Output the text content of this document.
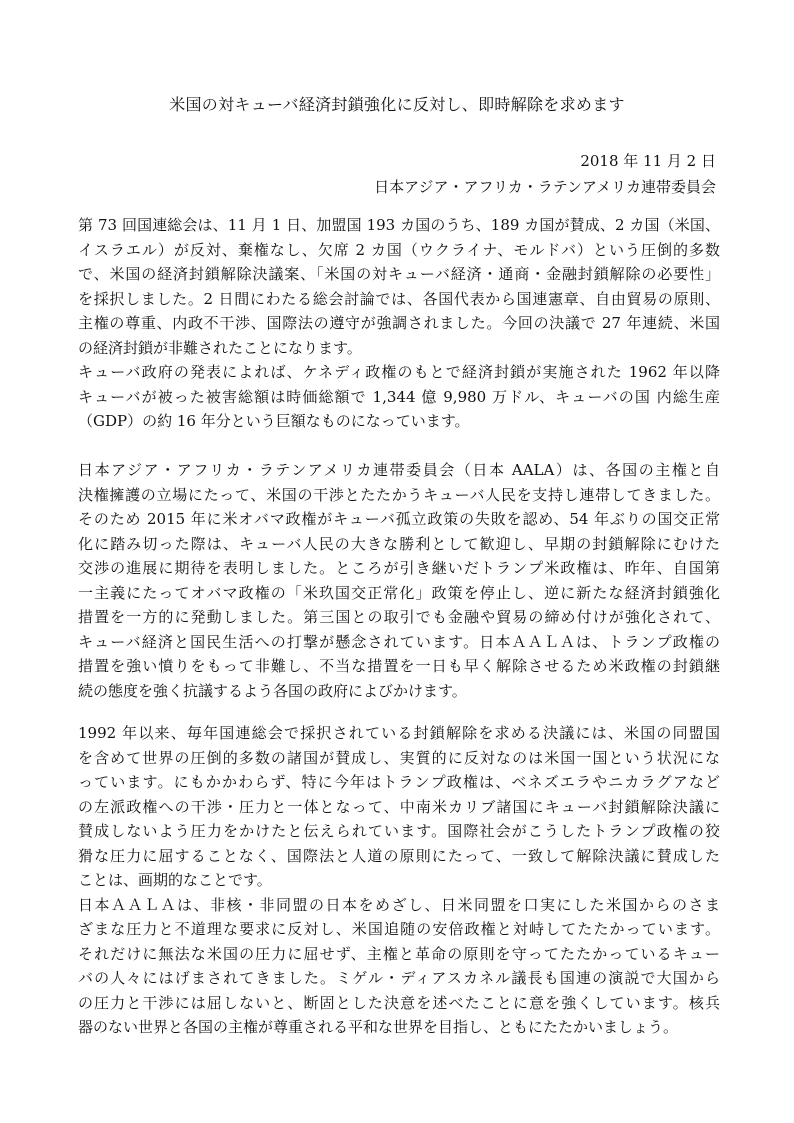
米国の対キューバ経済封鎖強化に反対し、即時解除を求めます
2018 年 11 月 2 日
日本アジア・アフリカ・ラテンアメリカ連帯委員会
第 73 回国連総会は、11 月 1 日、加盟国 193 カ国のうち、189 カ国が賛成、2 カ国（米国、
イスラエル）が反対、棄権なし、欠席 2 カ国（ウクライナ、モルドバ）という圧倒的多数
で、米国の経済封鎖解除決議案、「米国の対キューバ経済・通商・金融封鎖解除の必要性」
を採択しました。2 日間にわたる総会討論では、各国代表から国連憲章、自由貿易の原則、
主権の尊重、内政不干渉、国際法の遵守が強調されました。今回の決議で 27 年連続、米国
の経済封鎖が非難されたことになります。
キューバ政府の発表によれば、ケネディ政権のもとで経済封鎖が実施された 1962 年以降
キューバが被った被害総額は時価総額で 1,344 億 9,980 万ドル、キューバの国 内総生産
（GDP）の約 16 年分という巨額なものになっています。
日本アジア・アフリカ・ラテンアメリカ連帯委員会（日本 AALA）は、各国の主権と自
決権擁護の立場にたって、米国の干渉とたたかうキューバ人民を支持し連帯してきました。
そのため 2015 年に米オバマ政権がキューバ孤立政策の失敗を認め、54 年ぶりの国交正常
化に踏み切った際は、キューバ人民の大きな勝利として歓迎し、早期の封鎖解除にむけた
交渉の進展に期待を表明しました。ところが引き継いだトランプ米政権は、昨年、自国第
一主義にたってオバマ政権の「米玖国交正常化」政策を停止し、逆に新たな経済封鎖強化
措置を一方的に発動しました。第三国との取引でも金融や貿易の締め付けが強化されて、
キューバ経済と国民生活への打撃が懸念されています。日本ＡＡＬＡは、トランプ政権の
措置を強い憤りをもって非難し、不当な措置を一日も早く解除させるため米政権の封鎖継
続の態度を強く抗議するよう各国の政府によびかけます。
1992 年以来、毎年国連総会で採択されている封鎖解除を求める決議には、米国の同盟国
を含めて世界の圧倒的多数の諸国が賛成し、実質的に反対なのは米国一国という状況にな
っています。にもかかわらず、特に今年はトランプ政権は、ベネズエラやニカラグアなど
の左派政権への干渉・圧力と一体となって、中南米カリブ諸国にキューバ封鎖解除決議に
賛成しないよう圧力をかけたと伝えられています。国際社会がこうしたトランプ政権の狡
猾な圧力に屈することなく、国際法と人道の原則にたって、一致して解除決議に賛成した
ことは、画期的なことです。
日本ＡＡＬＡは、非核・非同盟の日本をめざし、日米同盟を口実にした米国からのさま
ざまな圧力と不道理な要求に反対し、米国追随の安倍政権と対峙してたたかっています。
それだけに無法な米国の圧力に屈せず、主権と革命の原則を守ってたたかっているキュー
バの人々にはげまされてきました。ミゲル・ディアスカネル議長も国連の演説で大国から
の圧力と干渉には屈しないと、断固とした決意を述べたことに意を強くしています。核兵
器のない世界と各国の主権が尊重される平和な世界を目指し、ともにたたかいましょう。
